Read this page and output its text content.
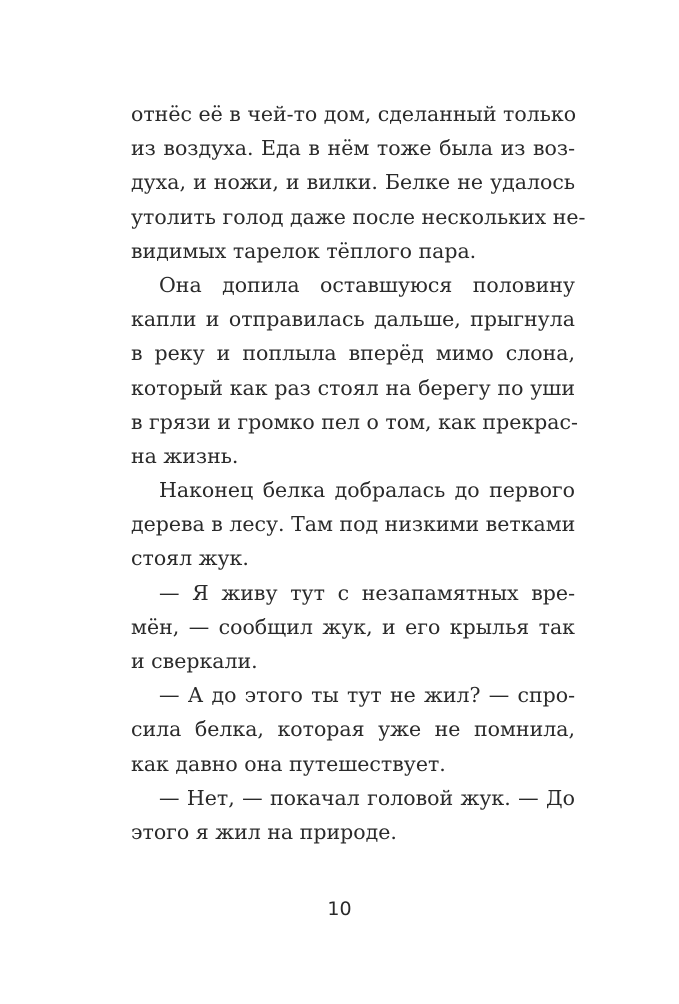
отнёс её в чей-то дом, сделанный только
из воздуха. Еда в нём тоже была из воз-
духа, и ножи, и вилки. Белке не удалось
утолить голод даже после нескольких не-
видимых тарелок тёплого пара.
Она допила оставшуюся половину
капли и отправилась дальше, прыгнула
в реку и поплыла вперёд мимо слона,
который как раз стоял на берегу по уши
в грязи и громко пел о том, как прекрас-
на жизнь.
Наконец белка добралась до первого
дерева в лесу. Там под низкими ветками
стоял жук.
— Я живу тут с незапамятных вре-
мён, — сообщил жук, и его крылья так
и сверкали.
— А до этого ты тут не жил? — спро-
сила белка, которая уже не помнила,
как давно она путешествует.
— Нет, — покачал головой жук. — До
этого я жил на природе.
10
